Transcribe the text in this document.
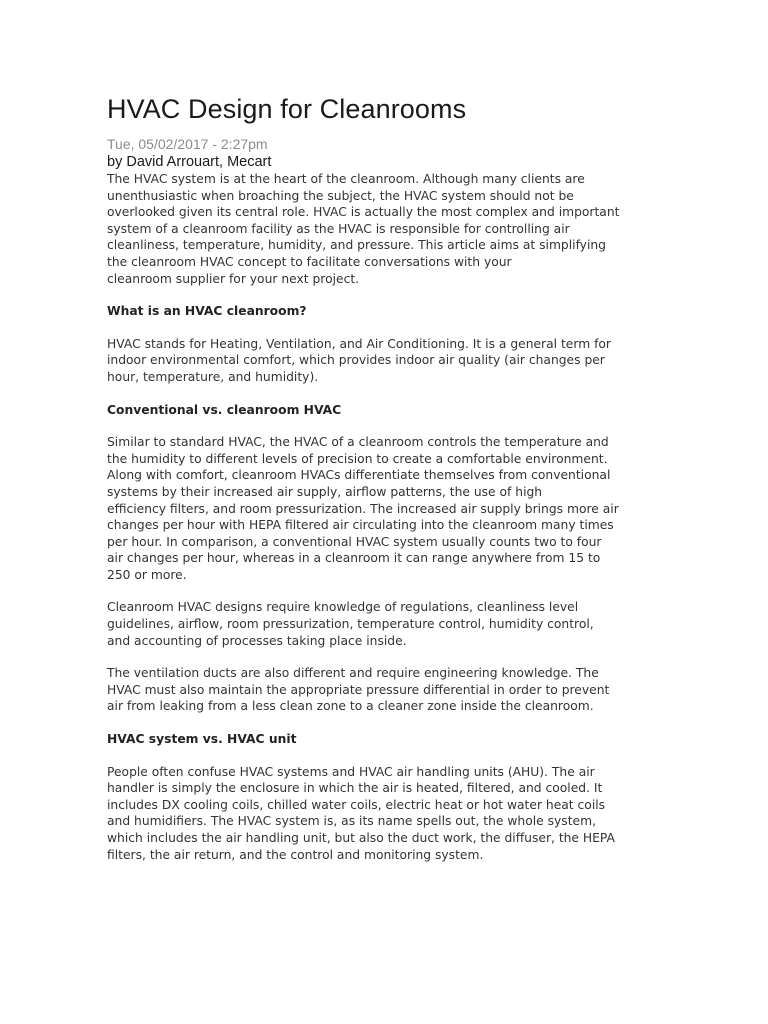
HVAC Design for Cleanrooms
Tue, 05/02/2017 - 2:27pm
by David Arrouart, Mecart

The HVAC system is at the heart of the cleanroom. Although many clients are
unenthusiastic when broaching the subject, the HVAC system should not be
overlooked given its central role. HVAC is actually the most complex and important
system of a cleanroom facility as the HVAC is responsible for controlling air
cleanliness, temperature, humidity, and pressure. This article aims at simplifying
the cleanroom HVAC concept to facilitate conversations with your
cleanroom supplier for your next project.

What is an HVAC cleanroom?

HVAC stands for Heating, Ventilation, and Air Conditioning. It is a general term for
indoor environmental comfort, which provides indoor air quality (air changes per
hour, temperature, and humidity).

Conventional vs. cleanroom HVAC

Similar to standard HVAC, the HVAC of a cleanroom controls the temperature and
the humidity to different levels of precision to create a comfortable environment.
Along with comfort, cleanroom HVACs differentiate themselves from conventional
systems by their increased air supply, airflow patterns, the use of high
efficiency filters, and room pressurization. The increased air supply brings more air
changes per hour with HEPA filtered air circulating into the cleanroom many times
per hour. In comparison, a conventional HVAC system usually counts two to four
air changes per hour, whereas in a cleanroom it can range anywhere from 15 to
250 or more.

Cleanroom HVAC designs require knowledge of regulations, cleanliness level
guidelines, airflow, room pressurization, temperature control, humidity control,
and accounting of processes taking place inside.

The ventilation ducts are also different and require engineering knowledge. The
HVAC must also maintain the appropriate pressure differential in order to prevent
air from leaking from a less clean zone to a cleaner zone inside the cleanroom.

HVAC system vs. HVAC unit

People often confuse HVAC systems and HVAC air handling units (AHU). The air
handler is simply the enclosure in which the air is heated, filtered, and cooled. It
includes DX cooling coils, chilled water coils, electric heat or hot water heat coils
and humidifiers. The HVAC system is, as its name spells out, the whole system,
which includes the air handling unit, but also the duct work, the diffuser, the HEPA
filters, the air return, and the control and monitoring system.
